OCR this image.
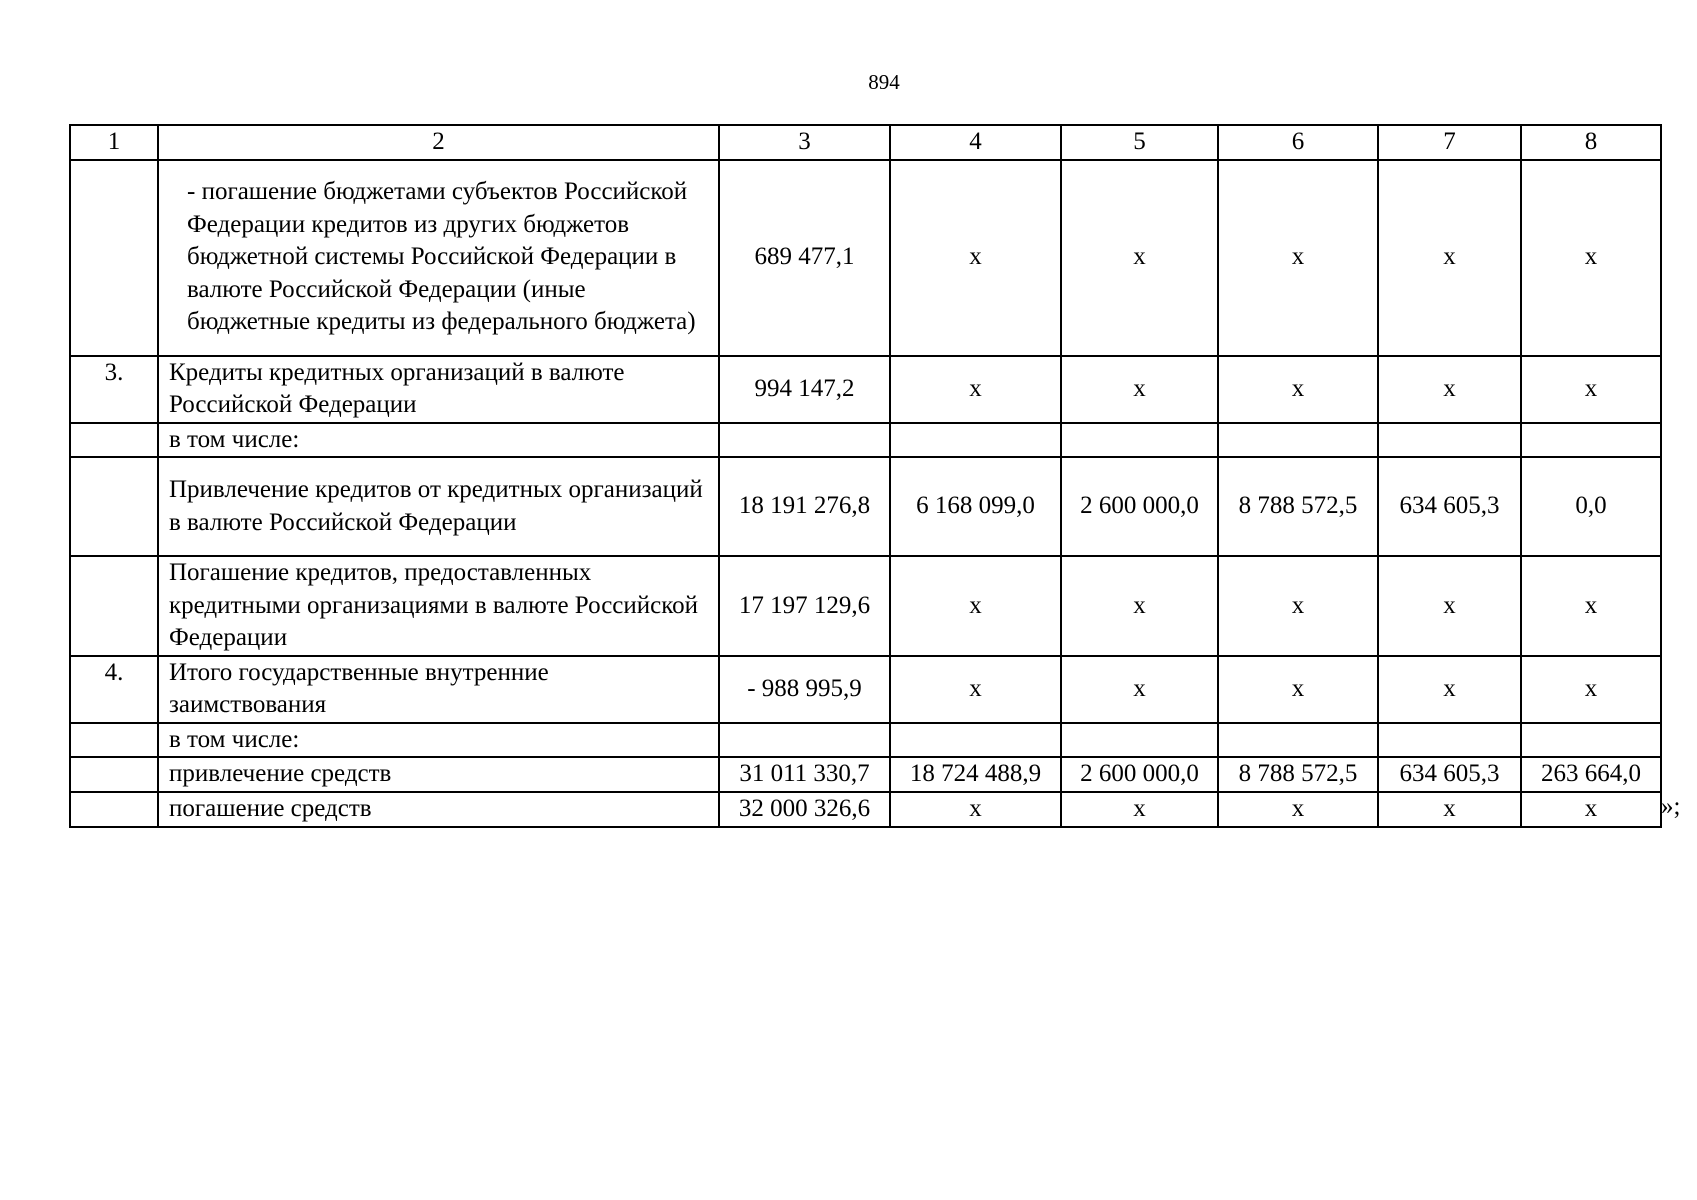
894
1	2	3	4	5	6	7	8
	- погашение бюджетами субъектов Российской Федерации кредитов из других бюджетов бюджетной системы Российской Федерации в валюте Российской Федерации (иные бюджетные кредиты из федерального бюджета)	689 477,1	x	x	x	x	x
3.	Кредиты кредитных организаций в валюте Российской Федерации	994 147,2	x	x	x	x	x
	в том числе:						
	Привлечение кредитов от кредитных организаций в валюте Российской Федерации	18 191 276,8	6 168 099,0	2 600 000,0	8 788 572,5	634 605,3	0,0
	Погашение кредитов, предоставленных кредитными организациями в валюте Российской Федерации	17 197 129,6	x	x	x	x	x
4.	Итого государственные внутренние заимствования	- 988 995,9	x	x	x	x	x
	в том числе:						
	привлечение средств	31 011 330,7	18 724 488,9	2 600 000,0	8 788 572,5	634 605,3	263 664,0
	погашение средств	32 000 326,6	x	x	x	x	x	»;
